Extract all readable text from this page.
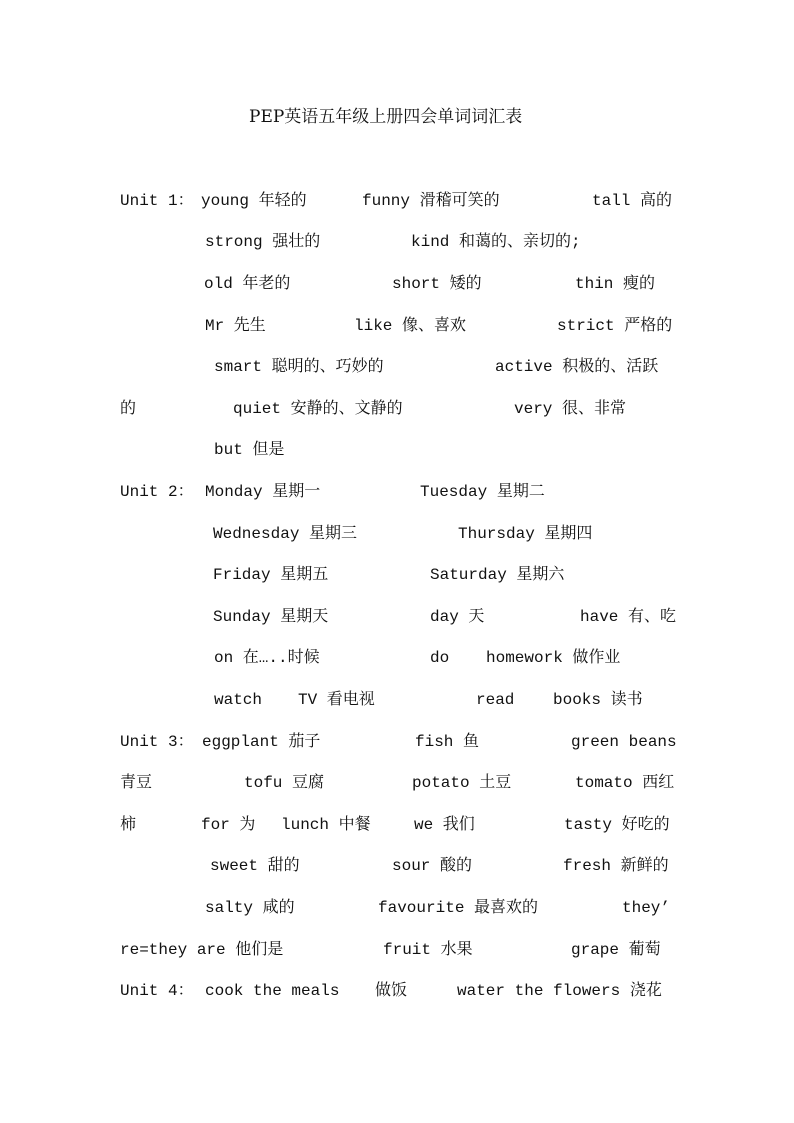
PEP英语五年级上册四会单词词汇表
Unit 1： young 年轻的	funny 滑稽可笑的	tall 高的
strong 强壮的	kind 和蔼的、亲切的;
old 年老的	short 矮的	thin 瘦的
Mr 先生	like 像、喜欢	strict 严格的
smart 聪明的、巧妙的	active 积极的、活跃
的	quiet 安静的、文静的	very 很、非常
but 但是
Unit 2： Monday 星期一	Tuesday 星期二
Wednesday 星期三	Thursday 星期四
Friday 星期五	Saturday 星期六
Sunday 星期天	day 天	have 有、吃
on 在…..时候	do homework 做作业
watch TV 看电视	read books 读书
Unit 3： eggplant 茄子	fish 鱼	green beans
青豆	tofu 豆腐	potato 土豆	tomato 西红
柿	for 为 lunch 中餐	we 我们	tasty 好吃的
sweet 甜的	sour 酸的	fresh 新鲜的
salty 咸的	favourite 最喜欢的	they’
re=they are 他们是	fruit 水果	grape 葡萄
Unit 4： cook the meals 做饭	water the flowers 浇花
